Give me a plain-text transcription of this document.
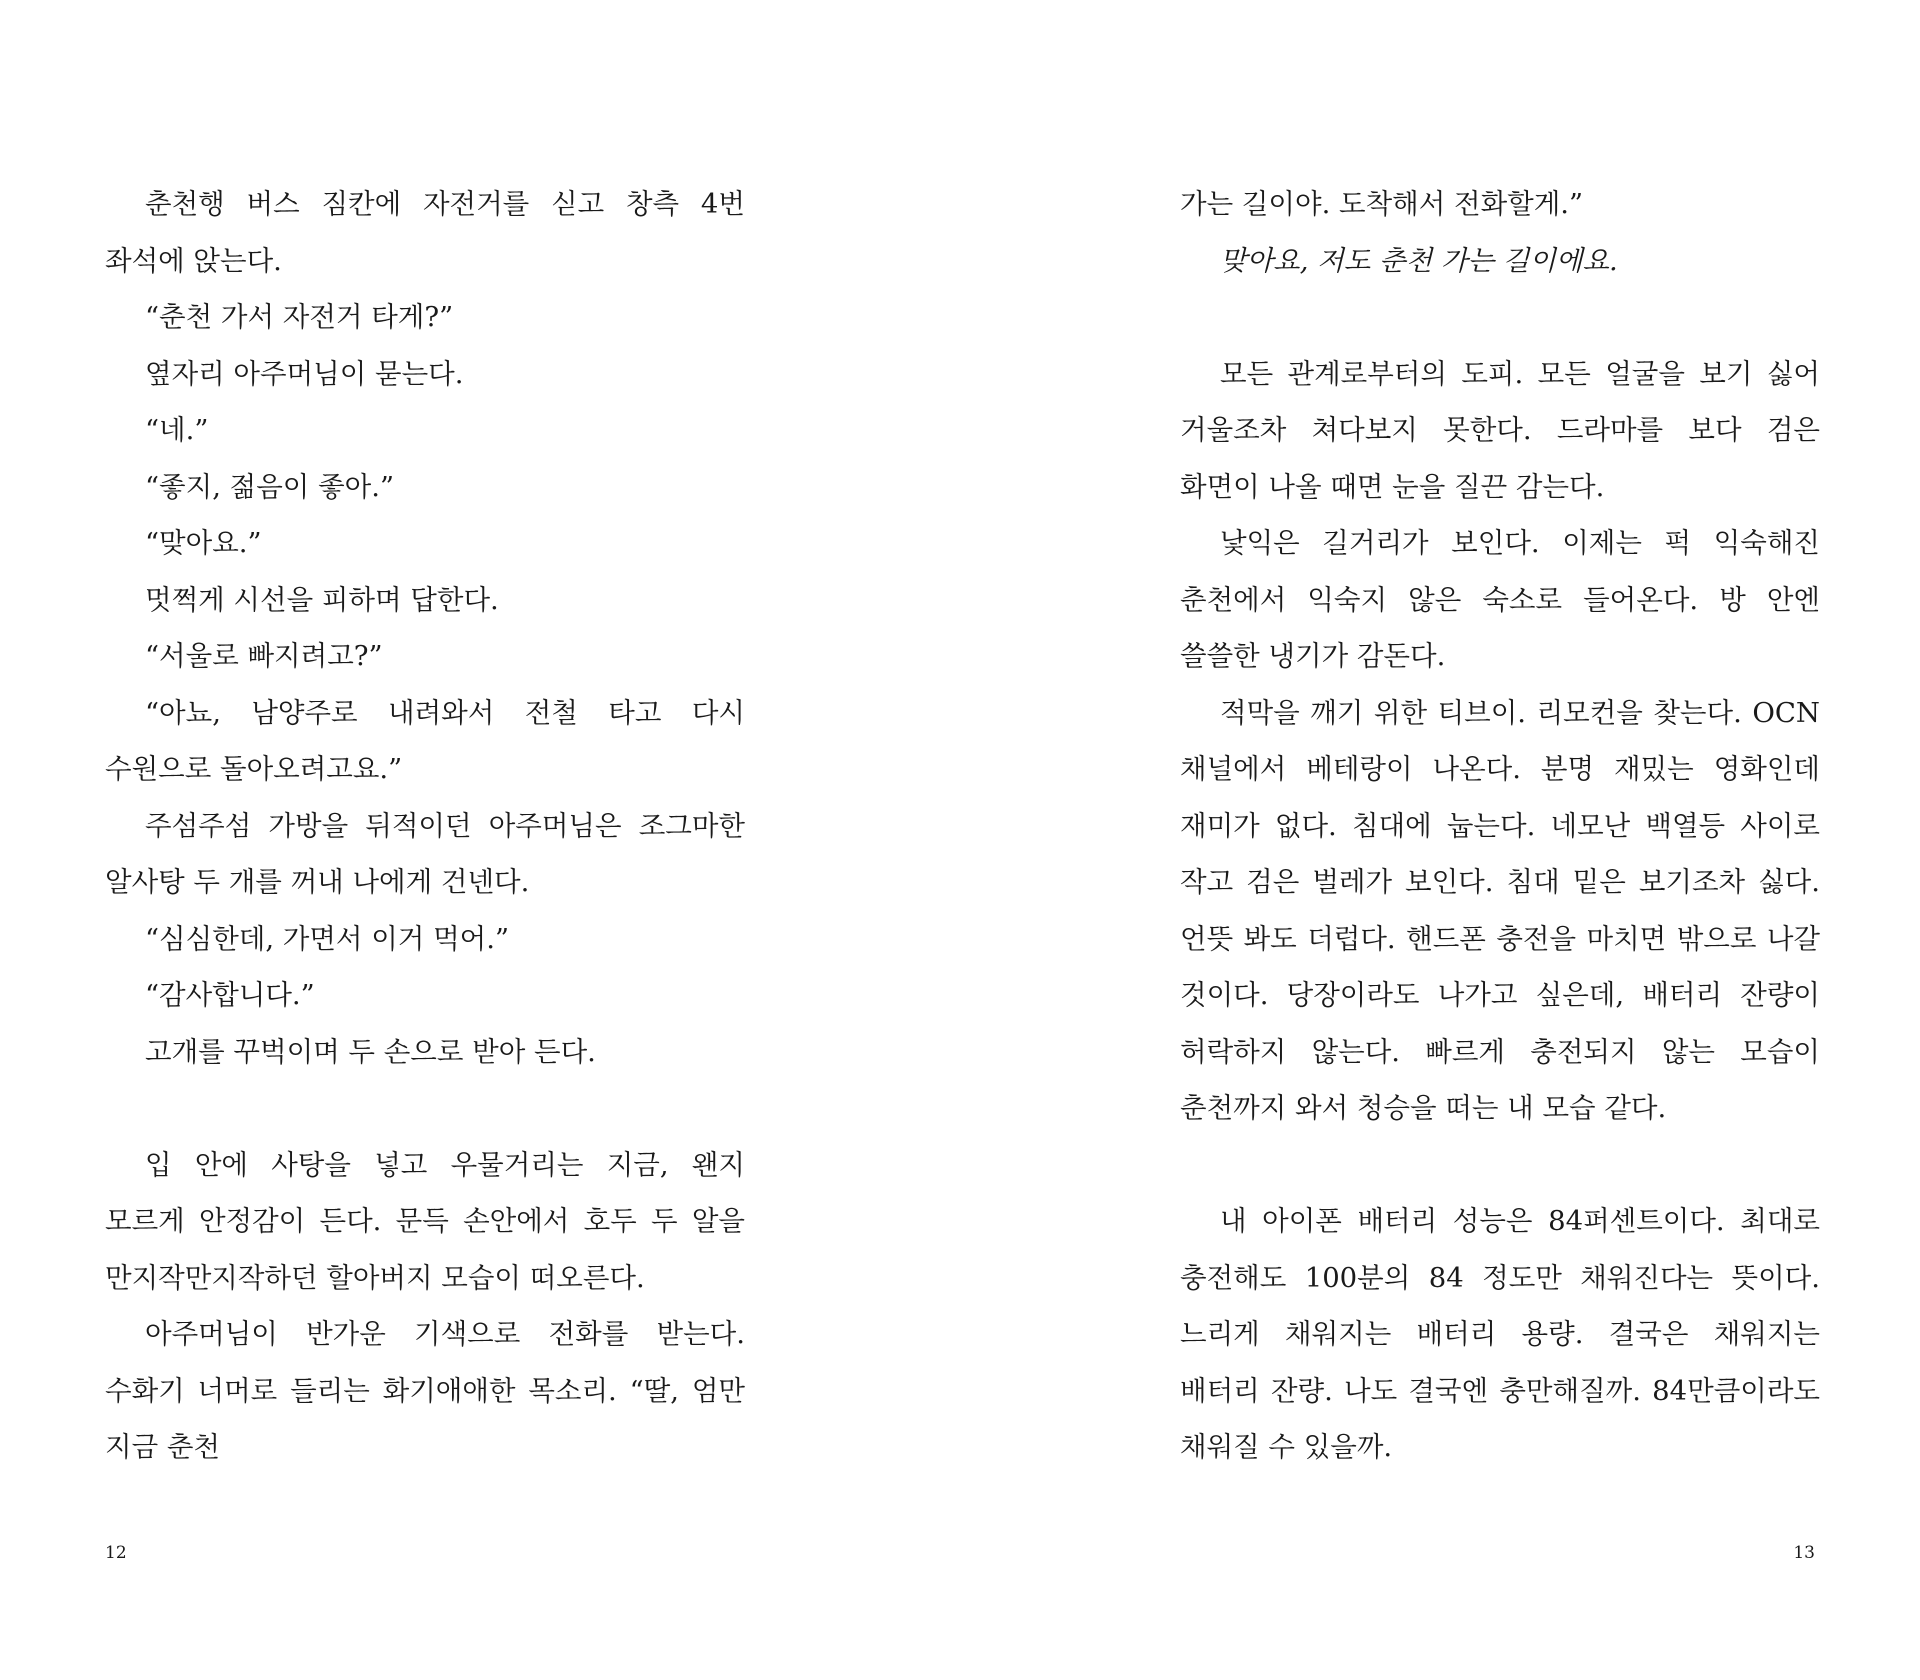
춘천행 버스 짐칸에 자전거를 싣고 창측 4번 좌석에 앉는다.

“춘천 가서 자전거 타게?”

옆자리 아주머님이 묻는다.

“네.”

“좋지, 젊음이 좋아.”

“맞아요.”

멋쩍게 시선을 피하며 답한다.

“서울로 빠지려고?”

“아뇨, 남양주로 내려와서 전철 타고 다시 수원으로 돌아오려고요.”

주섬주섬 가방을 뒤적이던 아주머님은 조그마한 알사탕 두 개를 꺼내 나에게 건넨다.

“심심한데, 가면서 이거 먹어.”

“감사합니다.”

고개를 꾸벅이며 두 손으로 받아 든다.

입 안에 사탕을 넣고 우물거리는 지금, 왠지 모르게 안정감이 든다. 문득 손안에서 호두 두 알을 만지작만지작하던 할아버지 모습이 떠오른다.

아주머님이 반가운 기색으로 전화를 받는다. 수화기 너머로 들리는 화기애애한 목소리. “딸, 엄만 지금 춘천

12

가는 길이야. 도착해서 전화할게.”

맞아요, 저도 춘천 가는 길이에요.

모든 관계로부터의 도피. 모든 얼굴을 보기 싫어 거울조차 쳐다보지 못한다. 드라마를 보다 검은 화면이 나올 때면 눈을 질끈 감는다.

낯익은 길거리가 보인다. 이제는 퍽 익숙해진 춘천에서 익숙지 않은 숙소로 들어온다. 방 안엔 쓸쓸한 냉기가 감돈다.

적막을 깨기 위한 티브이. 리모컨을 찾는다. OCN 채널에서 베테랑이 나온다. 분명 재밌는 영화인데 재미가 없다. 침대에 눕는다. 네모난 백열등 사이로 작고 검은 벌레가 보인다. 침대 밑은 보기조차 싫다. 언뜻 봐도 더럽다. 핸드폰 충전을 마치면 밖으로 나갈 것이다. 당장이라도 나가고 싶은데, 배터리 잔량이 허락하지 않는다. 빠르게 충전되지 않는 모습이 춘천까지 와서 청승을 떠는 내 모습 같다.

내 아이폰 배터리 성능은 84퍼센트이다. 최대로 충전해도 100분의 84 정도만 채워진다는 뜻이다. 느리게 채워지는 배터리 용량. 결국은 채워지는 배터리 잔량. 나도 결국엔 충만해질까. 84만큼이라도 채워질 수 있을까.

13
